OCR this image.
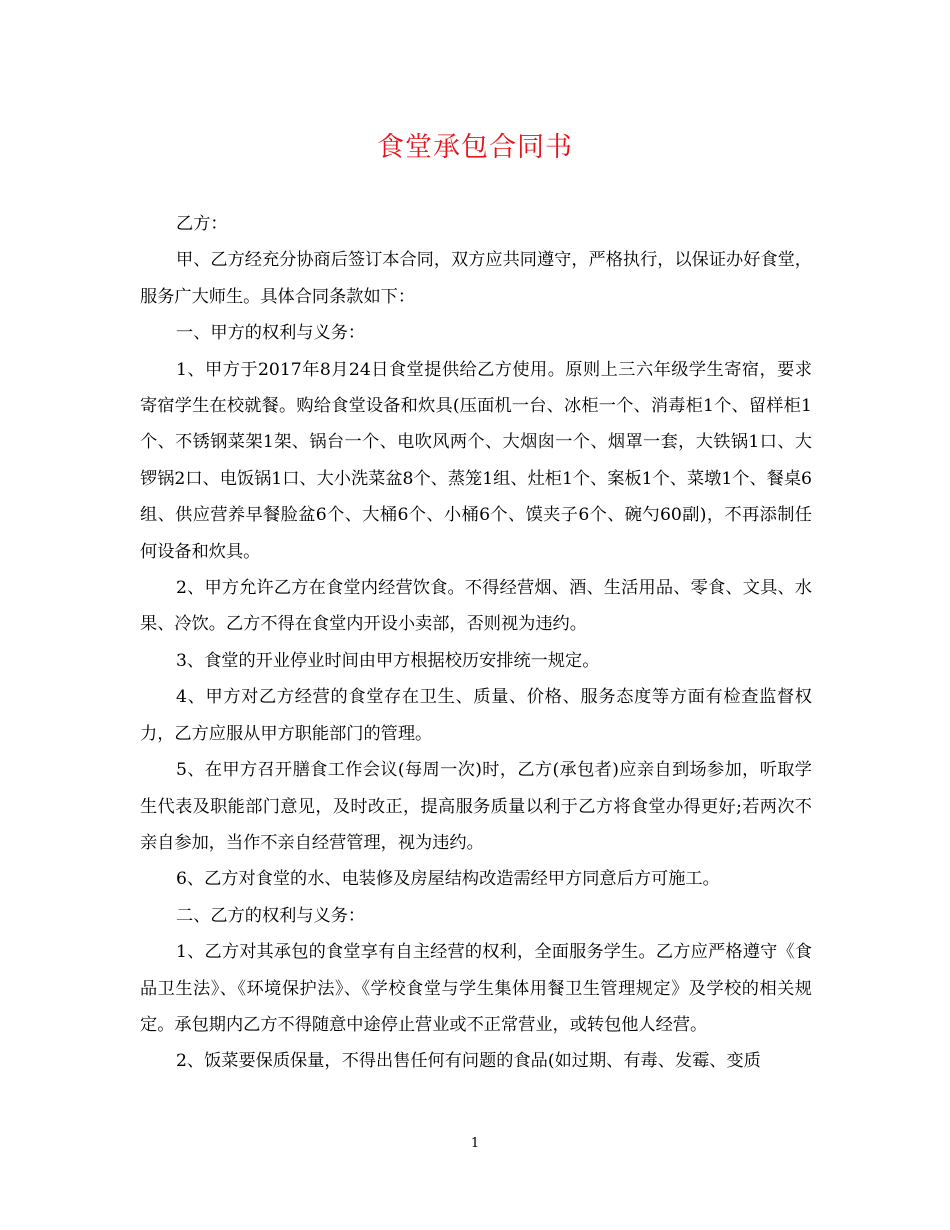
食堂承包合同书

乙方：

甲、乙方经充分协商后签订本合同，双方应共同遵守，严格执行，以保证办好食堂，服务广大师生。具体合同条款如下：

一、甲方的权利与义务：

1、甲方于2017年8月24日食堂提供给乙方使用。原则上三六年级学生寄宿，要求寄宿学生在校就餐。购给食堂设备和炊具(压面机一台、冰柜一个、消毒柜1个、留样柜1个、不锈钢菜架1架、锅台一个、电吹风两个、大烟囱一个、烟罩一套，大铁锅1口、大锣锅2口、电饭锅1口、大小洗菜盆8个、蒸笼1组、灶柜1个、案板1个、菜墩1个、餐桌6组、供应营养早餐脸盆6个、大桶6个、小桶6个、馍夹子6个、碗勺60副)，不再添制任何设备和炊具。

2、甲方允许乙方在食堂内经营饮食。不得经营烟、酒、生活用品、零食、文具、水果、冷饮。乙方不得在食堂内开设小卖部，否则视为违约。

3、食堂的开业停业时间由甲方根据校历安排统一规定。

4、甲方对乙方经营的食堂存在卫生、质量、价格、服务态度等方面有检查监督权力，乙方应服从甲方职能部门的管理。

5、在甲方召开膳食工作会议(每周一次)时，乙方(承包者)应亲自到场参加，听取学生代表及职能部门意见，及时改正，提高服务质量以利于乙方将食堂办得更好;若两次不亲自参加，当作不亲自经营管理，视为违约。

6、乙方对食堂的水、电装修及房屋结构改造需经甲方同意后方可施工。

二、乙方的权利与义务：

1、乙方对其承包的食堂享有自主经营的权利，全面服务学生。乙方应严格遵守《食品卫生法》、《环境保护法》、《学校食堂与学生集体用餐卫生管理规定》及学校的相关规定。承包期内乙方不得随意中途停止营业或不正常营业，或转包他人经营。

2、饭菜要保质保量，不得出售任何有问题的食品(如过期、有毒、发霉、变质

1
